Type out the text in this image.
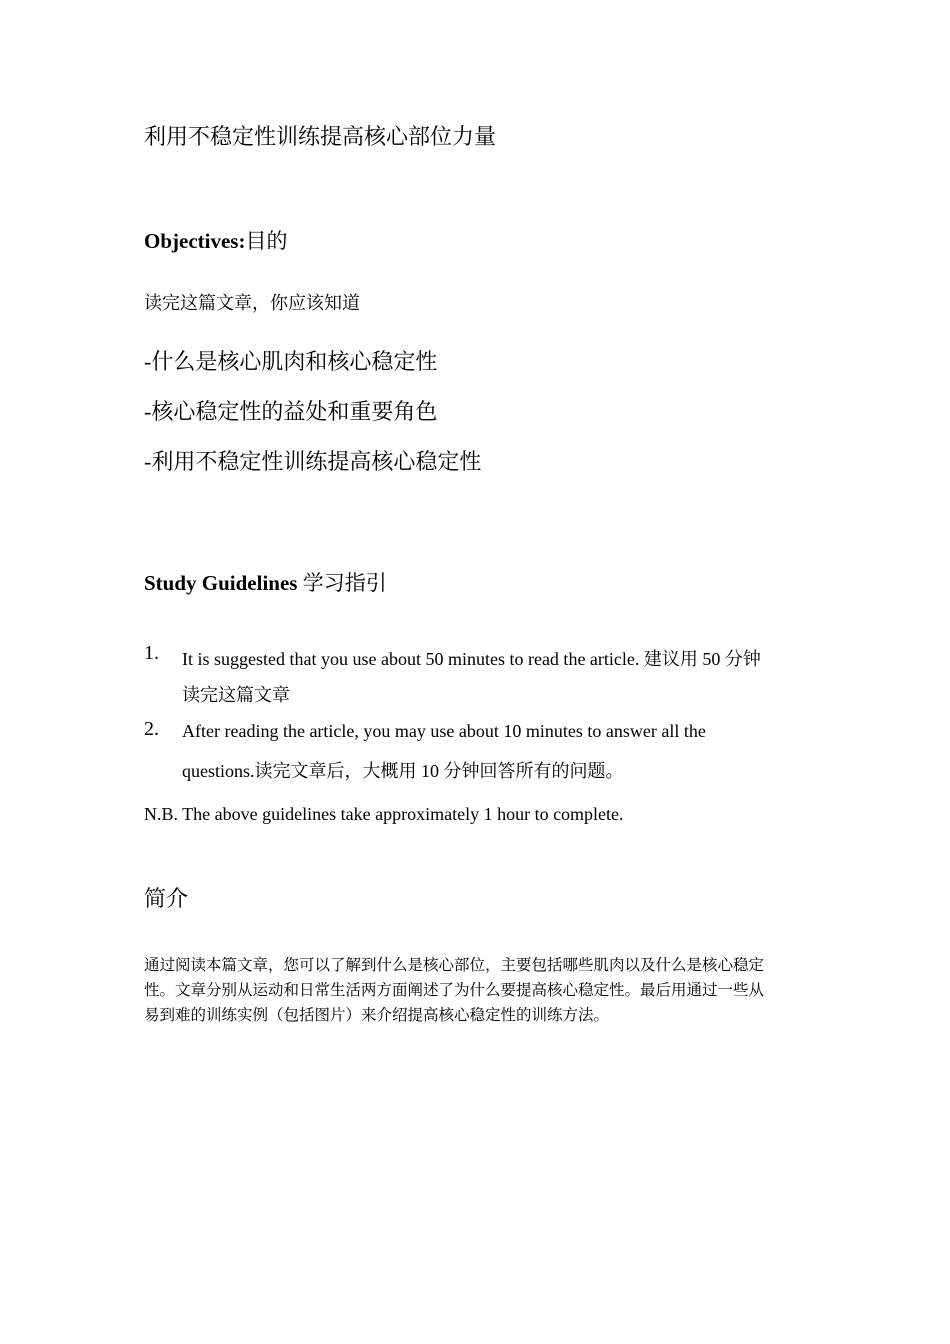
利用不稳定性训练提高核心部位力量
Objectives:目的
读完这篇文章，你应该知道
-什么是核心肌肉和核心稳定性
-核心稳定性的益处和重要角色
-利用不稳定性训练提高核心稳定性
Study Guidelines 学习指引
1. It is suggested that you use about 50 minutes to read the article. 建议用 50 分钟
读完这篇文章
2. After reading the article, you may use about 10 minutes to answer all the
questions.读完文章后，大概用 10 分钟回答所有的问题。
N.B. The above guidelines take approximately 1 hour to complete.
简介
通过阅读本篇文章，您可以了解到什么是核心部位，主要包括哪些肌肉以及什么是核心稳定
性。文章分别从运动和日常生活两方面阐述了为什么要提高核心稳定性。最后用通过一些从
易到难的训练实例（包括图片）来介绍提高核心稳定性的训练方法。
